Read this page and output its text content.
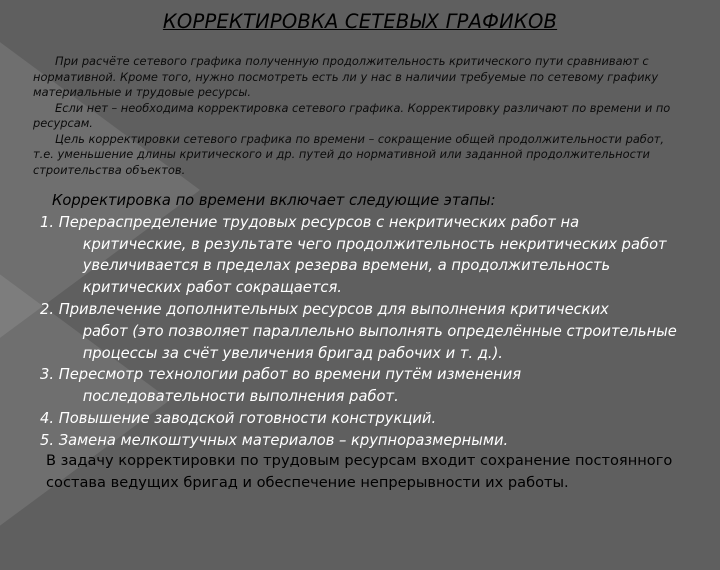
КОРРЕКТИРОВКА СЕТЕВЫХ ГРАФИКОВ

При расчёте сетевого графика полученную продолжительность критического пути сравнивают с нормативной. Кроме того, нужно посмотреть есть ли у нас в наличии требуемые по сетевому графику материальные и трудовые ресурсы.

Если нет – необходима корректировка сетевого графика. Корректировку различают по времени и по ресурсам.

Цель корректировки сетевого графика по времени – сокращение общей продолжительности работ, т.е. уменьшение длины критического и др. путей до нормативной или заданной продолжительности строительства объектов.

Корректировка по времени включает следующие этапы:

1. Перераспределение трудовых ресурсов с некритических работ на
критические, в результате чего продолжительность некритических работ увеличивается в пределах резерва времени, а продолжительность критических работ сокращается.
2. Привлечение дополнительных ресурсов для выполнения критических
работ (это позволяет параллельно выполнять определённые строительные процессы за счёт увеличения бригад рабочих и т. д.).
3. Пересмотр технологии работ во времени путём изменения
последовательности выполнения работ.
4. Повышение заводской готовности конструкций.
5. Замена мелкоштучных материалов – крупноразмерными.
В задачу корректировки по трудовым ресурсам входит сохранение постоянного состава ведущих бригад и обеспечение непрерывности их работы.
